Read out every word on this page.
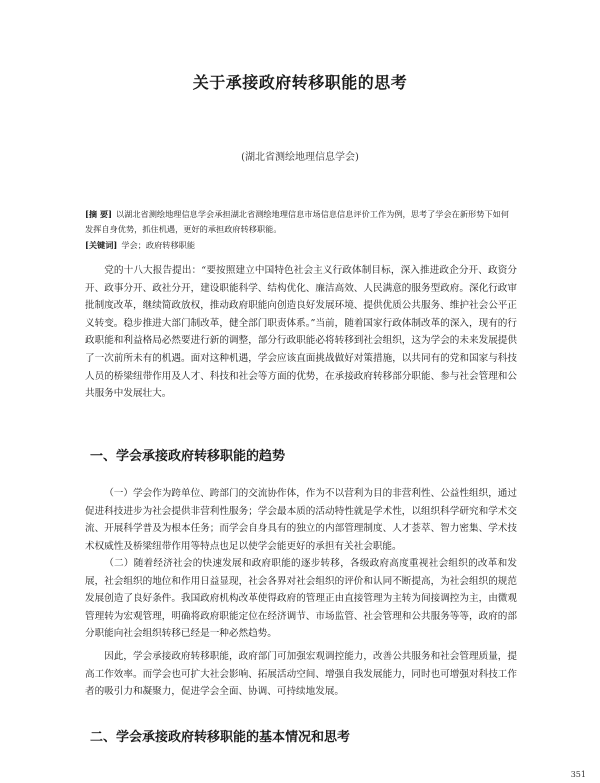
关于承接政府转移职能的思考
(湖北省测绘地理信息学会)
[摘 要] 以湖北省测绘地理信息学会承担湖北省测绘地理信息市场信息信息评价工作为例，思考了学会在新形势下如何发挥自身优势，抓住机遇，更好的承担政府转移职能。
[关键词] 学会；政府转移职能

党的十八大报告提出：“要按照建立中国特色社会主义行政体制目标，深入推进政企分开、政资分开、政事分开、政社分开，建设职能科学、结构优化、廉洁高效、人民满意的服务型政府。深化行政审批制度改革，继续简政放权，推动政府职能向创造良好发展环境、提供优质公共服务、维护社会公平正义转变。稳步推进大部门制改革，健全部门职责体系。”当前，随着国家行政体制改革的深入，现有的行政职能和利益格局必然要进行新的调整，部分行政职能必将转移到社会组织，这为学会的未来发展提供了一次前所未有的机遇。面对这种机遇，学会应该直面挑战做好对策措施，以共同有的党和国家与科技人员的桥梁纽带作用及人才、科技和社会等方面的优势，在承接政府转移部分职能、参与社会管理和公共服务中发展壮大。

一、学会承接政府转移职能的趋势

（一）学会作为跨单位、跨部门的交流协作体，作为不以营利为目的非营利性、公益性组织，通过促进科技进步为社会提供非营利性服务；学会最本质的活动特性就是学术性，以组织科学研究和学术交流、开展科学普及为根本任务；而学会自身具有的独立的内部管理制度、人才荟萃、智力密集、学术技术权威性及桥梁纽带作用等特点也足以使学会能更好的承担有关社会职能。

（二）随着经济社会的快速发展和政府职能的逐步转移，各级政府高度重视社会组织的改革和发展，社会组织的地位和作用日益显现，社会各界对社会组织的评价和认同不断提高，为社会组织的规范发展创造了良好条件。我国政府机构改革使得政府的管理正由直接管理为主转为间接调控为主，由微观管理转为宏观管理，明确将政府职能定位在经济调节、市场监管、社会管理和公共服务等等，政府的部分职能向社会组织转移已经是一种必然趋势。

因此，学会承接政府转移职能，政府部门可加强宏观调控能力，改善公共服务和社会管理质量，提高工作效率。而学会也可扩大社会影响、拓展活动空间、增强自我发展能力，同时也可增强对科技工作者的吸引力和凝聚力，促进学会全面、协调、可持续地发展。

二、学会承接政府转移职能的基本情况和思考
351
